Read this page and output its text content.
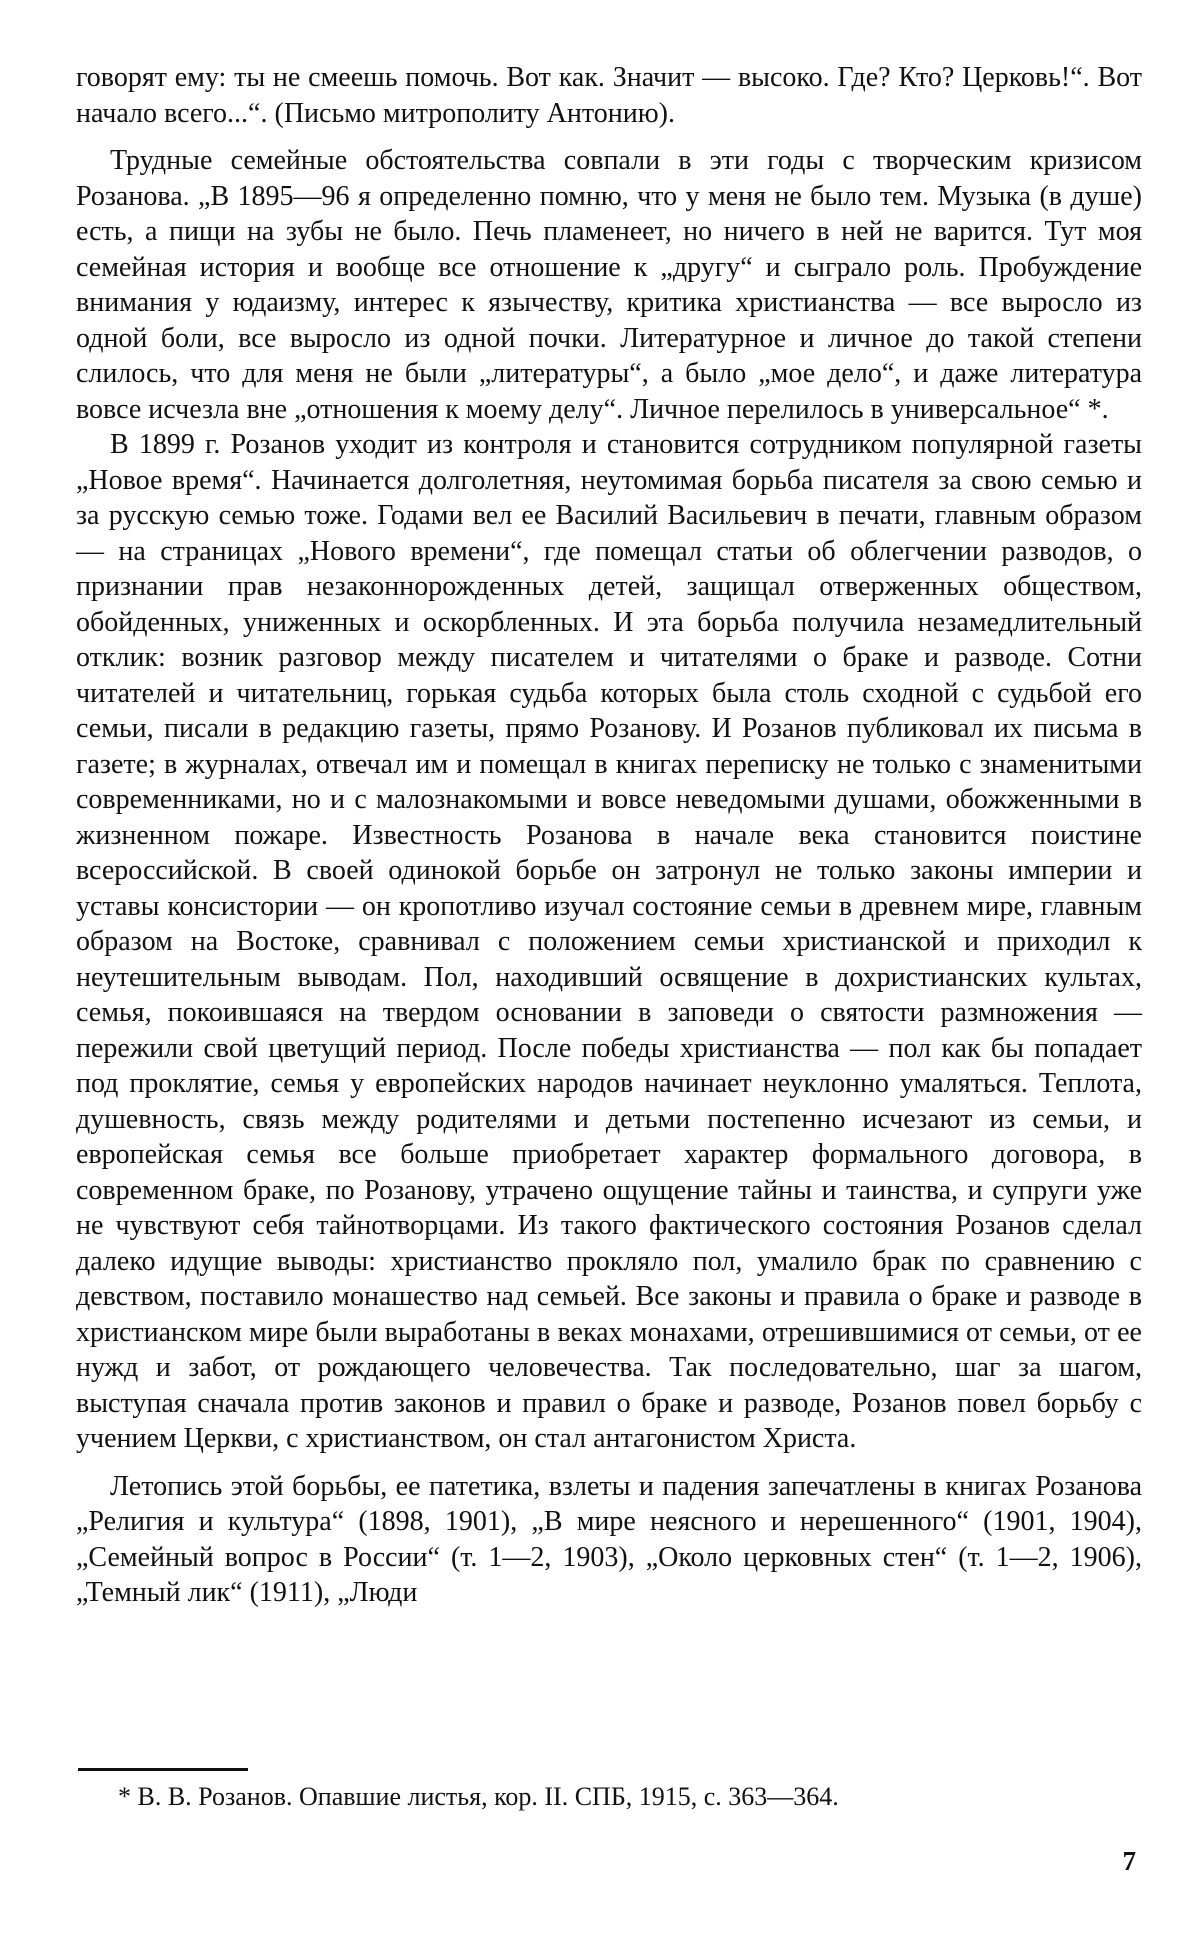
говорят ему: ты не смеешь помочь. Вот как. Значит — высоко. Где? Кто? Церковь!“. Вот начало всего...“. (Письмо митрополиту Антонию).

Трудные семейные обстоятельства совпали в эти годы с творческим кризисом Розанова. „В 1895—96 я определенно помню, что у меня не было тем. Музыка (в душе) есть, а пищи на зубы не было. Печь пламенеет, но ничего в ней не варится. Тут моя семейная история и вообще все отношение к „другу“ и сыграло роль. Пробуждение внимания у юдаизму, интерес к язычеству, критика христианства — все выросло из одной боли, все выросло из одной почки. Литературное и личное до такой степени слилось, что для меня не были „литературы“, а было „мое дело“, и даже литература вовсе исчезла вне „отношения к моему делу“. Личное перелилось в универсальное“ *.

В 1899 г. Розанов уходит из контроля и становится сотрудником популярной газеты „Новое время“. Начинается долголетняя, неутомимая борьба писателя за свою семью и за русскую семью тоже. Годами вел ее Василий Васильевич в печати, главным образом — на страницах „Нового времени“, где помещал статьи об облегчении разводов, о признании прав незаконнорожденных детей, защищал отверженных обществом, обойденных, униженных и оскорбленных. И эта борьба получила незамедлительный отклик: возник разговор между писателем и читателями о браке и разводе. Сотни читателей и читательниц, горькая судьба которых была столь сходной с судьбой его семьи, писали в редакцию газеты, прямо Розанову. И Розанов публиковал их письма в газете; в журналах, отвечал им и помещал в книгах переписку не только с знаменитыми современниками, но и с малознакомыми и вовсе неведомыми душами, обожженными в жизненном пожаре. Известность Розанова в начале века становится поистине всероссийской. В своей одинокой борьбе он затронул не только законы империи и уставы консистории — он кропотливо изучал состояние семьи в древнем мире, главным образом на Востоке, сравнивал с положением семьи христианской и приходил к неутешительным выводам. Пол, находивший освящение в дохристианских культах, семья, покоившаяся на твердом основании в заповеди о святости размножения — пережили свой цветущий период. После победы христианства — пол как бы попадает под проклятие, семья у европейских народов начинает неуклонно умаляться. Теплота, душевность, связь между родителями и детьми постепенно исчезают из семьи, и европейская семья все больше приобретает характер формального договора, в современном браке, по Розанову, утрачено ощущение тайны и таинства, и супруги уже не чувствуют себя тайнотворцами. Из такого фактического состояния Розанов сделал далеко идущие выводы: христианство прокляло пол, умалило брак по сравнению с девством, поставило монашество над семьей. Все законы и правила о браке и разводе в христианском мире были выработаны в веках монахами, отрешившимися от семьи, от ее нужд и забот, от рождающего человечества. Так последовательно, шаг за шагом, выступая сначала против законов и правил о браке и разводе, Розанов повел борьбу с учением Церкви, с христианством, он стал антагонистом Христа.

Летопись этой борьбы, ее патетика, взлеты и падения запечатлены в книгах Розанова „Религия и культура“ (1898, 1901), „В мире неясного и нерешенного“ (1901, 1904), „Семейный вопрос в России“ (т. 1—2, 1903), „Около церковных стен“ (т. 1—2, 1906), „Темный лик“ (1911), „Люди

* В. В. Розанов. Опавшие листья, кор. II. СПБ, 1915, с. 363—364.
7
